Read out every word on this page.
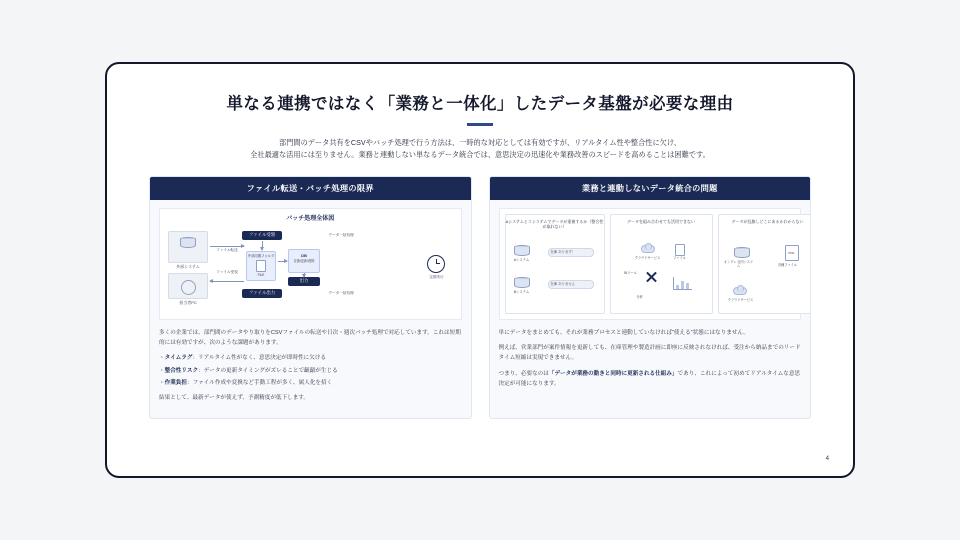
単なる連携ではなく「業務と一体化」したデータ基盤が必要な理由
部門間のデータ共有をCSVやバッチ処理で行う方法は、一時的な対応としては有効ですが、リアルタイム性や整合性に欠け、
全社最適な活用には至りません。業務と連動しない単なるデータ統合では、意思決定の迅速化や業務改善のスピードを高めることは困難です。
ファイル転送・バッチ処理の限界
バッチ処理全体図
外部システム
担当者PC
ファイル転送
ファイル受領
外部同期フォルダ
FILE
ファイル受領
ファイル出力
DB
変換/更新/削除
出力
データ一括処理
データ一括処理
定期実行

多くの企業では、部門間のデータやり取りをCSVファイルの転送や日次・週次バッチ処理で対応しています。これは短期的には有効ですが、次のような課題があります。

・タイムラグ：リアルタイム性がなく、意思決定が即時性に欠ける

・整合性リスク：データの更新タイミングがズレることで齟齬が生じる

・作業負担：ファイル作成や変換など手動工程が多く、属人化を招く

結果として、最新データが使えず、予測精度が低下します。

業務と連動しないデータ統合の問題
Aシステムとコシステムでデータが重複するか（整合性が取れない）
Aシステム
Bシステム
在庫 あります！
在庫 ありません
データを組み合わせても活用できない
クラウドサービス	ファイル
BIツール
分析
データが乱雑しどこにあるかわからない
オンプレ 社内システム
PDF
各種ファイル
クラウドサービス

単にデータをまとめても、それが業務プロセスと連動していなければ"使える"状態にはなりません。

例えば、営業部門が案件情報を更新しても、在庫管理や製造計画に即座に反映されなければ、受注から納品までのリードタイム短縮は実現できません。

つまり、必要なのは「データが業務の動きと同時に更新される仕組み」であり、これによって初めてリアルタイムな意思決定が可能になります。

4
